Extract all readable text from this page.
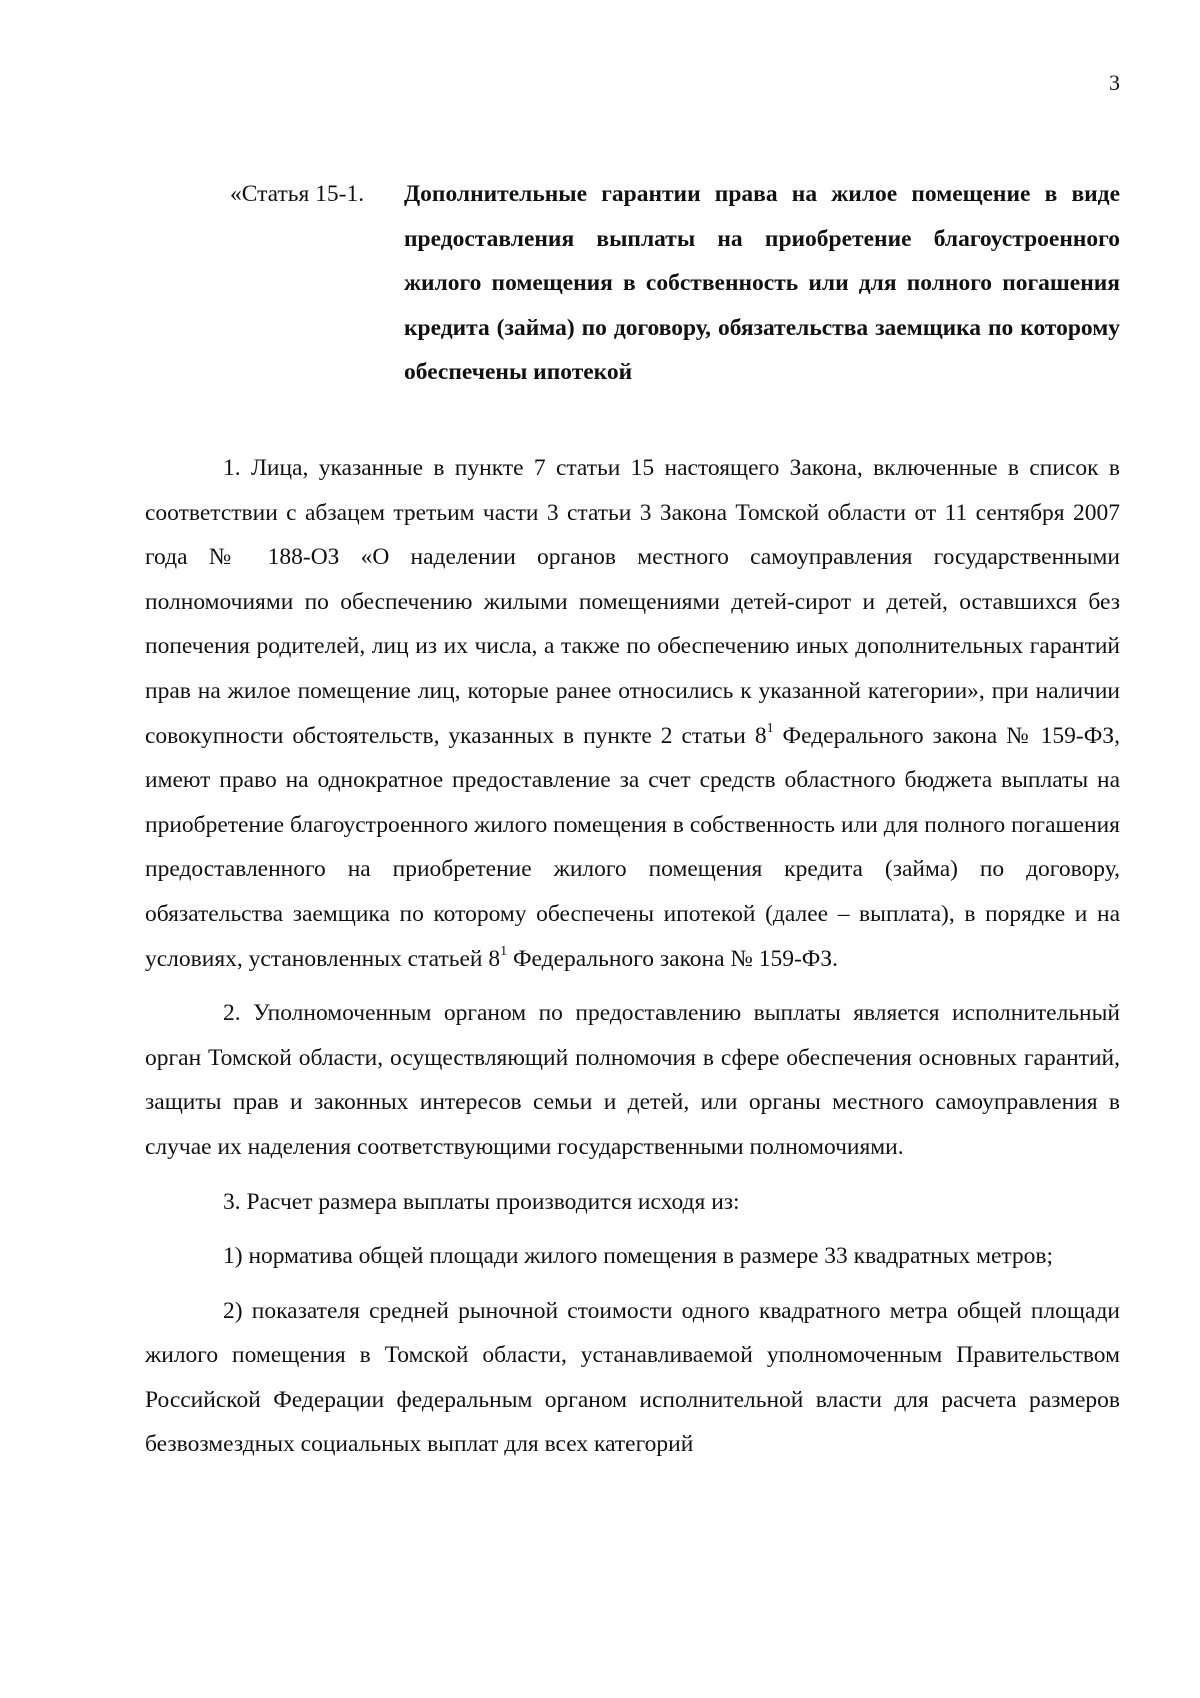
3
«Статья 15-1.	Дополнительные гарантии права на жилое помещение в виде предоставления выплаты на приобретение благоустроенного жилого помещения в собственность или для полного погашения кредита (займа) по договору, обязательства заемщика по которому обеспечены ипотекой

1. Лица, указанные в пункте 7 статьи 15 настоящего Закона, включенные в список в соответствии с абзацем третьим части 3 статьи 3 Закона Томской области от 11 сентября 2007 года № 188-ОЗ «О наделении органов местного самоуправления государственными полномочиями по обеспечению жилыми помещениями детей-сирот и детей, оставшихся без попечения родителей, лиц из их числа, а также по обеспечению иных дополнительных гарантий прав на жилое помещение лиц, которые ранее относились к указанной категории», при наличии совокупности обстоятельств, указанных в пункте 2 статьи $8^1$ Федерального закона № 159-ФЗ, имеют право на однократное предоставление за счет средств областного бюджета выплаты на приобретение благоустроенного жилого помещения в собственность или для полного погашения предоставленного на приобретение жилого помещения кредита (займа) по договору, обязательства заемщика по которому обеспечены ипотекой (далее – выплата), в порядке и на условиях, установленных статьей $8^1$ Федерального закона № 159-ФЗ.

2. Уполномоченным органом по предоставлению выплаты является исполнительный орган Томской области, осуществляющий полномочия в сфере обеспечения основных гарантий, защиты прав и законных интересов семьи и детей, или органы местного самоуправления в случае их наделения соответствующими государственными полномочиями.

3. Расчет размера выплаты производится исходя из:

1) норматива общей площади жилого помещения в размере 33 квадратных метров;

2) показателя средней рыночной стоимости одного квадратного метра общей площади жилого помещения в Томской области, устанавливаемой уполномоченным Правительством Российской Федерации федеральным органом исполнительной власти для расчета размеров безвозмездных социальных выплат для всех категорий
